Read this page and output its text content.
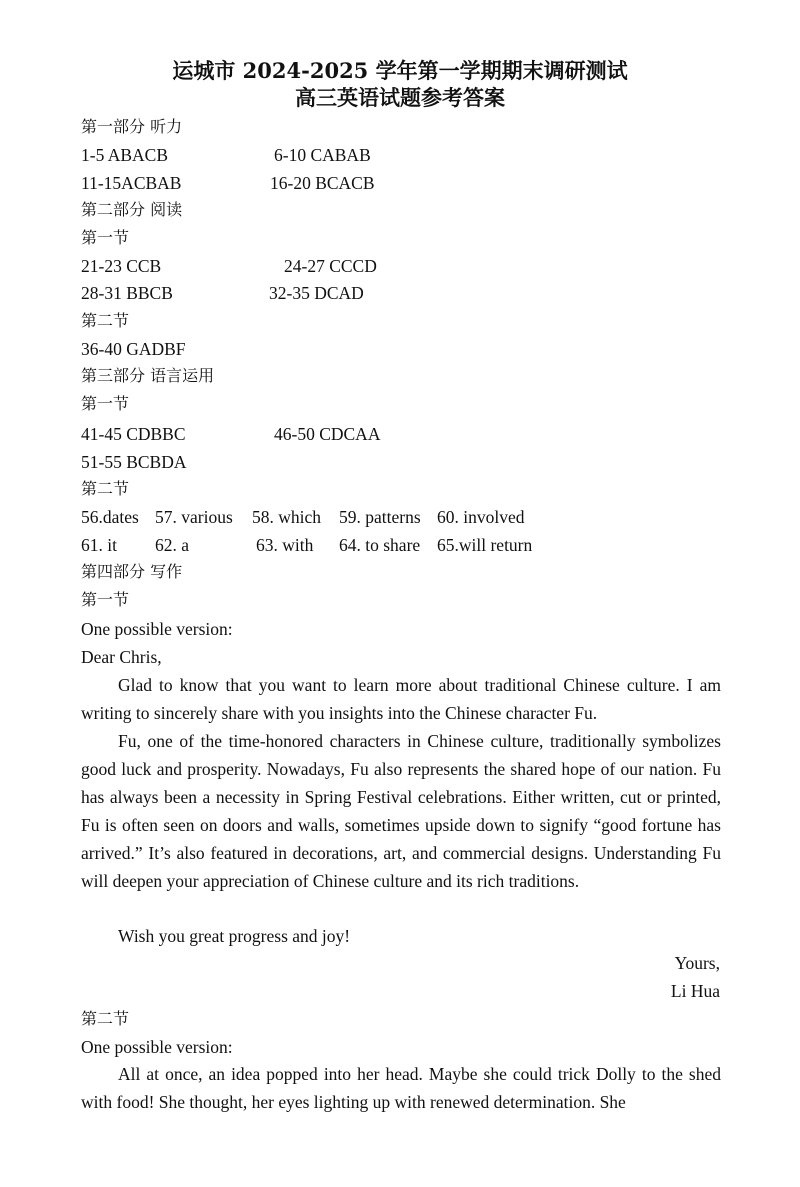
运城市 2024-2025 学年第一学期期末调研测试
高三英语试题参考答案
第一部分 听力
1-5 ABACB	6-10 CABAB
11-15ACBAB	16-20 BCACB
第二部分 阅读
第一节
21-23 CCB	24-27 CCCD
28-31 BBCB	32-35 DCAD
第二节
36-40 GADBF
第三部分 语言运用
第一节
41-45 CDBBC	46-50 CDCAA
51-55 BCBDA
第二节
56.dates 57. various 58. which 59. patterns 60. involved
61. it 62. a	63. with 64. to share 65.will return
第四部分 写作
第一节
One possible version:
Dear Chris,
Glad to know that you want to learn more about traditional Chinese culture. I am writing to sincerely share with you insights into the Chinese character Fu.
Fu, one of the time-honored characters in Chinese culture, traditionally symbolizes good luck and prosperity. Nowadays, Fu also represents the shared hope of our nation. Fu has always been a necessity in Spring Festival celebrations. Either written, cut or printed, Fu is often seen on doors and walls, sometimes upside down to signify “good fortune has arrived.” It’s also featured in decorations, art, and commercial designs. Understanding Fu will deepen your appreciation of Chinese culture and its rich traditions.
Wish you great progress and joy!
Yours,
Li Hua
第二节
One possible version:
All at once, an idea popped into her head. Maybe she could trick Dolly to the shed with food! She thought, her eyes lighting up with renewed determination. She
